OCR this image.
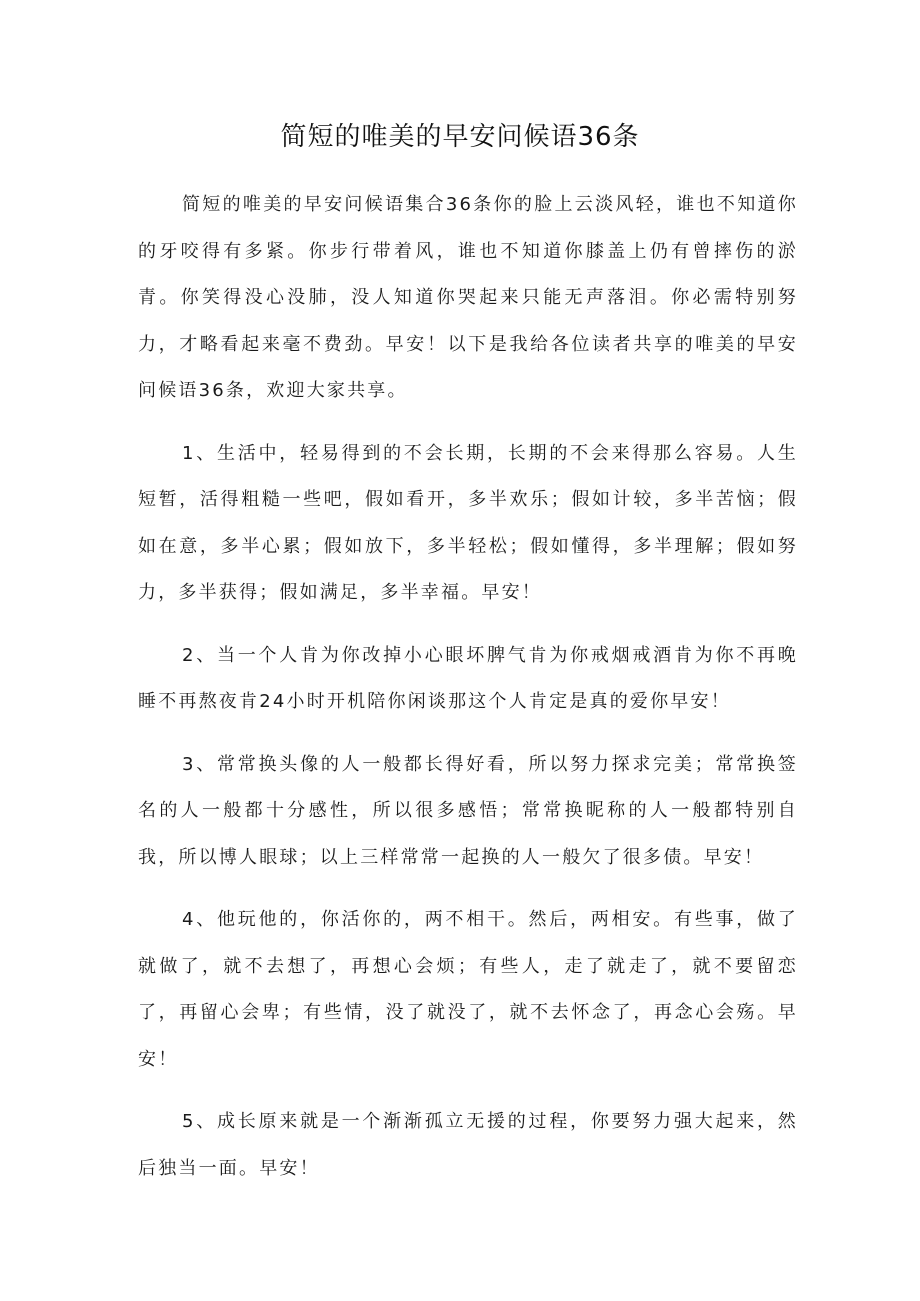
简短的唯美的早安问候语36条

简短的唯美的早安问候语集合36条你的脸上云淡风轻，谁也不知道你的牙咬得有多紧。你步行带着风，谁也不知道你膝盖上仍有曾摔伤的淤青。你笑得没心没肺，没人知道你哭起来只能无声落泪。你必需特别努力，才略看起来毫不费劲。早安！以下是我给各位读者共享的唯美的早安问候语36条，欢迎大家共享。

1、生活中，轻易得到的不会长期，长期的不会来得那么容易。人生短暂，活得粗糙一些吧，假如看开，多半欢乐；假如计较，多半苦恼；假如在意，多半心累；假如放下，多半轻松；假如懂得，多半理解；假如努力，多半获得；假如满足，多半幸福。早安！

2、当一个人肯为你改掉小心眼坏脾气肯为你戒烟戒酒肯为你不再晚睡不再熬夜肯24小时开机陪你闲谈那这个人肯定是真的爱你早安！

3、常常换头像的人一般都长得好看，所以努力探求完美；常常换签名的人一般都十分感性，所以很多感悟；常常换昵称的人一般都特别自我，所以博人眼球；以上三样常常一起换的人一般欠了很多债。早安！

4、他玩他的，你活你的，两不相干。然后，两相安。有些事，做了就做了，就不去想了，再想心会烦；有些人，走了就走了，就不要留恋了，再留心会卑；有些情，没了就没了，就不去怀念了，再念心会殇。早安！

5、成长原来就是一个渐渐孤立无援的过程，你要努力强大起来，然后独当一面。早安！
